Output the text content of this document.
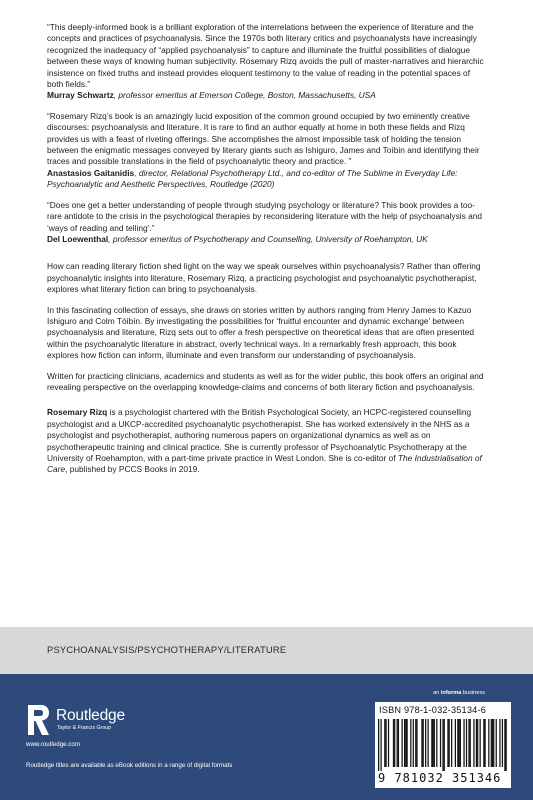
“This deeply-informed book is a brilliant exploration of the interrelations between the experience of literature and the concepts and practices of psychoanalysis. Since the 1970s both literary critics and psychoanalysts have increasingly recognized the inadequacy of “applied psychoanalysis” to capture and illuminate the fruitful possibilities of dialogue between these ways of knowing human subjectivity. Rosemary Rizq avoids the pull of master-narratives and hierarchic insistence on fixed truths and instead provides eloquent testimony to the value of reading in the potential spaces of both fields.”
Murray Schwartz, professor emeritus at Emerson College, Boston, Massachusetts, USA
“Rosemary Rizq’s book is an amazingly lucid exposition of the common ground occupied by two eminently creative discourses: psychoanalysis and literature. It is rare to find an author equally at home in both these fields and Rizq provides us with a feast of riveting offerings. She accomplishes the almost impossible task of holding the tension between the enigmatic messages conveyed by literary giants such as Ishiguro, James and Toíbin and identifying their traces and possible translations in the field of psychoanalytic theory and practice. ”
Anastasios Gaitanidis, director, Relational Psychotherapy Ltd., and co-editor of The Sublime in Everyday Life: Psychoanalytic and Aesthetic Perspectives, Routledge (2020)
“Does one get a better understanding of people through studying psychology or literature? This book provides a too-rare antidote to the crisis in the psychological therapies by reconsidering literature with the help of psychoanalysis and ‘ways of reading and telling’.”
Del Loewenthal, professor emeritus of Psychotherapy and Counselling, University of Roehampton, UK

How can reading literary fiction shed light on the way we speak ourselves within psychoanalysis? Rather than offering psychoanalytic insights into literature, Rosemary Rizq, a practicing psychologist and psychoanalytic psychotherapist, explores what literary fiction can bring to psychoanalysis.

In this fascinating collection of essays, she draws on stories written by authors ranging from Henry James to Kazuo Ishiguro and Colm Tóibín. By investigating the possibilities for ‘fruitful encounter and dynamic exchange’ between psychoanalysis and literature, Rizq sets out to offer a fresh perspective on theoretical ideas that are often presented within the psychoanalytic literature in abstract, overly technical ways. In a remarkably fresh approach, this book explores how fiction can inform, illuminate and even transform our understanding of psychoanalysis.

Written for practicing clinicians, academics and students as well as for the wider public, this book offers an original and revealing perspective on the overlapping knowledge-claims and concerns of both literary fiction and psychoanalysis.

Rosemary Rizq is a psychologist chartered with the British Psychological Society, an HCPC-registered counselling psychologist and a UKCP-accredited psychoanalytic psychotherapist. She has worked extensively in the NHS as a psychologist and psychotherapist, authoring numerous papers on organizational dynamics as well as on psychotherapeutic training and clinical practice. She is currently professor of Psychoanalytic Psychotherapy at the University of Roehampton, with a part-time private practice in West London. She is co-editor of The Industrialisation of Care, published by PCCS Books in 2019.

PSYCHOANALYSIS/PSYCHOTHERAPY/LITERATURE
an informa business
Routledge
Taylor & Francis Group
www.routledge.com
Routledge titles are available as eBook editions in a range of digital formats
ISBN 978-1-032-35134-6
9 781032 351346
